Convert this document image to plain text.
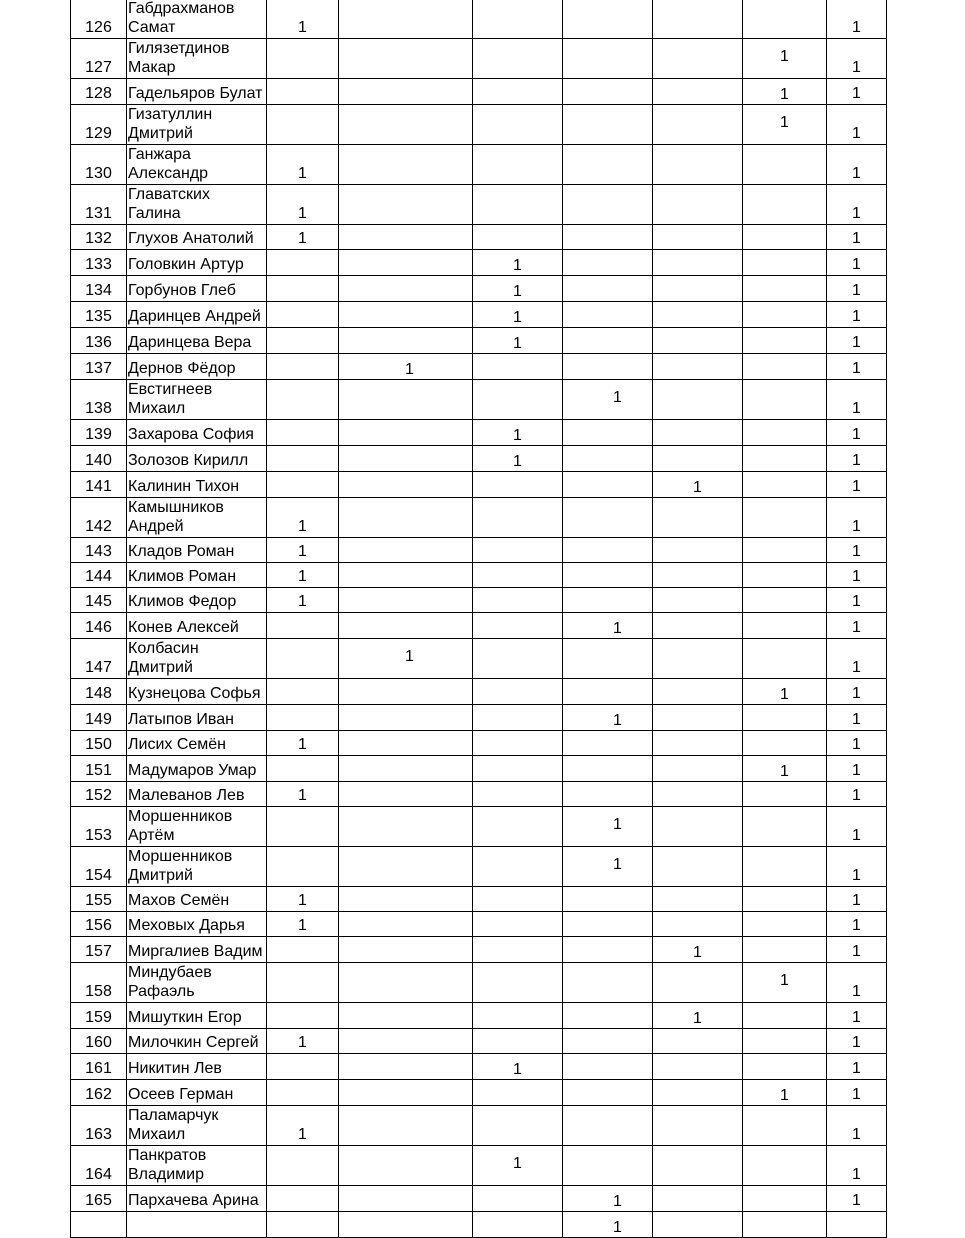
126	Габдрахманов Самат	1						1
127	Гилязетдинов Макар						1	1
128	Гадельяров Булат						1	1
129	Гизатуллин Дмитрий						1	1
130	Ганжара Александр	1						1
131	Главатских Галина	1						1
132	Глухов Анатолий	1						1
133	Головкин Артур			1				1
134	Горбунов Глеб			1				1
135	Даринцев Андрей			1				1
136	Даринцева Вера			1				1
137	Дернов Фёдор		1					1
138	Евстигнеев Михаил				1			1
139	Захарова София			1				1
140	Золозов Кирилл			1				1
141	Калинин Тихон					1		1
142	Камышников Андрей	1						1
143	Кладов Роман	1						1
144	Климов Роман	1						1
145	Климов Федор	1						1
146	Конев Алексей				1			1
147	Колбасин Дмитрий		1					1
148	Кузнецова Софья						1	1
149	Латыпов Иван				1			1
150	Лисих Семён	1						1
151	Мадумаров Умар						1	1
152	Малеванов Лев	1						1
153	Моршенников Артём				1			1
154	Моршенников Дмитрий				1			1
155	Махов Семён	1						1
156	Меховых Дарья	1						1
157	Миргалиев Вадим					1		1
158	Миндубаев Рафаэль						1	1
159	Мишуткин Егор					1		1
160	Милочкин Сергей	1						1
161	Никитин Лев			1				1
162	Осеев Герман						1	1
163	Паламарчук Михаил	1						1
164	Панкратов Владимир			1				1
165	Пархачева Арина				1			1
					1			
